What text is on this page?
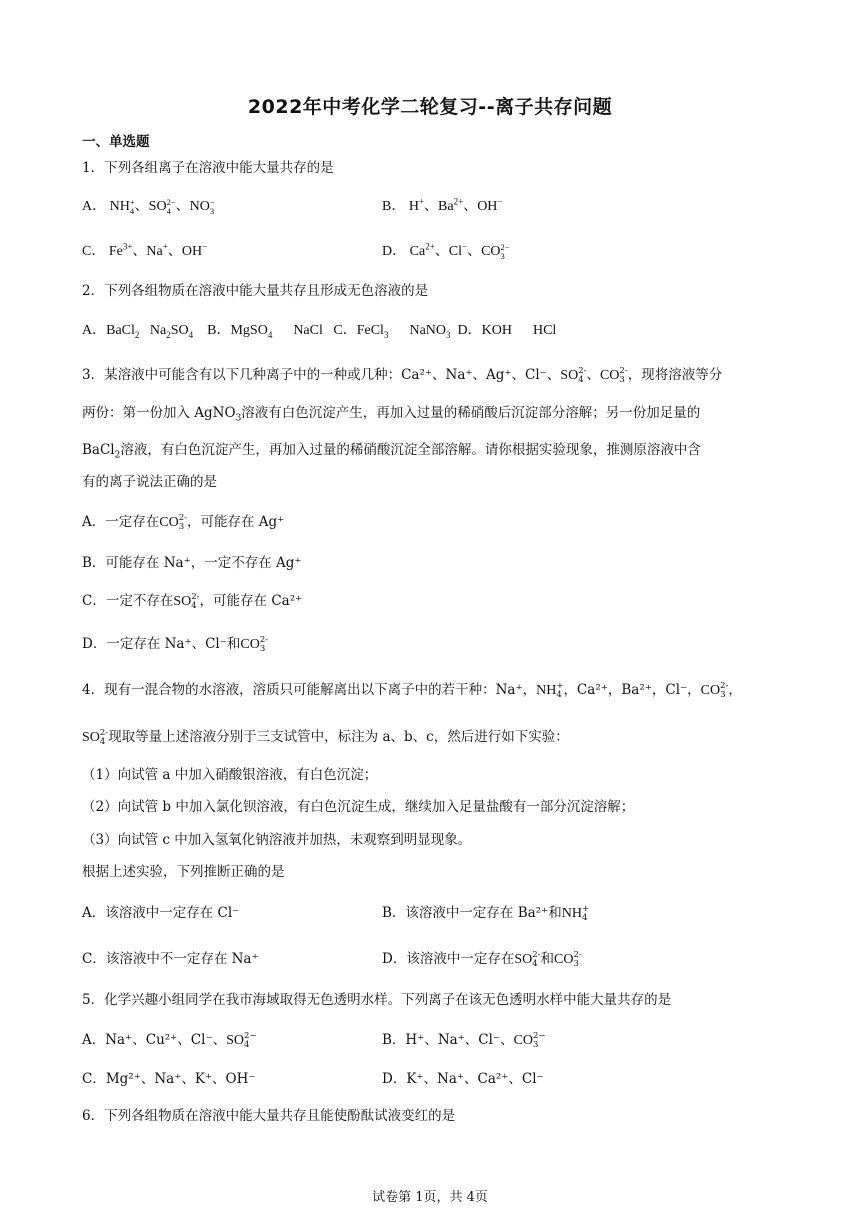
2022年中考化学二轮复习--离子共存问题
一、单选题
1．下列各组离子在溶液中能大量共存的是
A． NH +
4 、SO 2−
4 、NO −
3	B． H+、$Ba^{2+}$、OH−
C． $Fe^{3+}$、Na+、OH−	D． $Ca^{2+}$、Cl−、CO 2−
3
2．下列各组物质在溶液中能大量共存且形成无色溶液的是
A．BaCl$_2$ $Na_2SO_4$ B．MgSO$_4$ NaCl C．FeCl$_3$ NaNO$_3$ D．KOH HCl
3．某溶液中可能含有以下几种离子中的一种或几种：Ca²⁺、Na⁺、Ag⁺、Cl⁻、SO 2-
4 、CO 2-
3 ，现将溶液等分
两份：第一份加入 AgNO$_3$溶液有白色沉淀产生，再加入过量的稀硝酸后沉淀部分溶解；另一份加足量的
BaCl$_2$溶液，有白色沉淀产生，再加入过量的稀硝酸沉淀全部溶解。请你根据实验现象，推测原溶液中含
有的离子说法正确的是
A．一定存在CO 2-
3 ，可能存在 Ag⁺
B．可能存在 Na⁺，一定不存在 Ag⁺
C．一定不存在SO 2-
4 ，可能存在 Ca²⁺
D．一定存在 Na⁺、Cl⁻和CO 2-
3
4．现有一混合物的水溶液，溶质只可能解离出以下离子中的若干种：Na⁺，NH +
4 ，Ca²⁺，Ba²⁺，Cl⁻，CO 2-
3 ，
SO 2-
4 现取等量上述溶液分别于三支试管中，标注为 a、b、c，然后进行如下实验：
（1）向试管 a 中加入硝酸银溶液，有白色沉淀；
（2）向试管 b 中加入氯化钡溶液，有白色沉淀生成，继续加入足量盐酸有一部分沉淀溶解；
（3）向试管 c 中加入氢氧化钠溶液并加热，未观察到明显现象。
根据上述实验，下列推断正确的是
A．该溶液中一定存在 Cl⁻	B．该溶液中一定存在 Ba²⁺和NH +
4
C．该溶液中不一定存在 Na⁺	D．该溶液中一定存在SO 2-
4 和CO 2-
3
5．化学兴趣小组同学在我市海域取得无色透明水样。下列离子在该无色透明水样中能大量共存的是
A．Na⁺、Cu²⁺、Cl⁻、SO 2−
4	B．H⁺、Na⁺、Cl⁻、CO 2−
3
C．Mg²⁺、Na⁺、K⁺、OH⁻	D．K⁺、Na⁺、Ca²⁺、Cl⁻
6．下列各组物质在溶液中能大量共存且能使酚酞试液变红的是
试卷第 1页，共 4页
